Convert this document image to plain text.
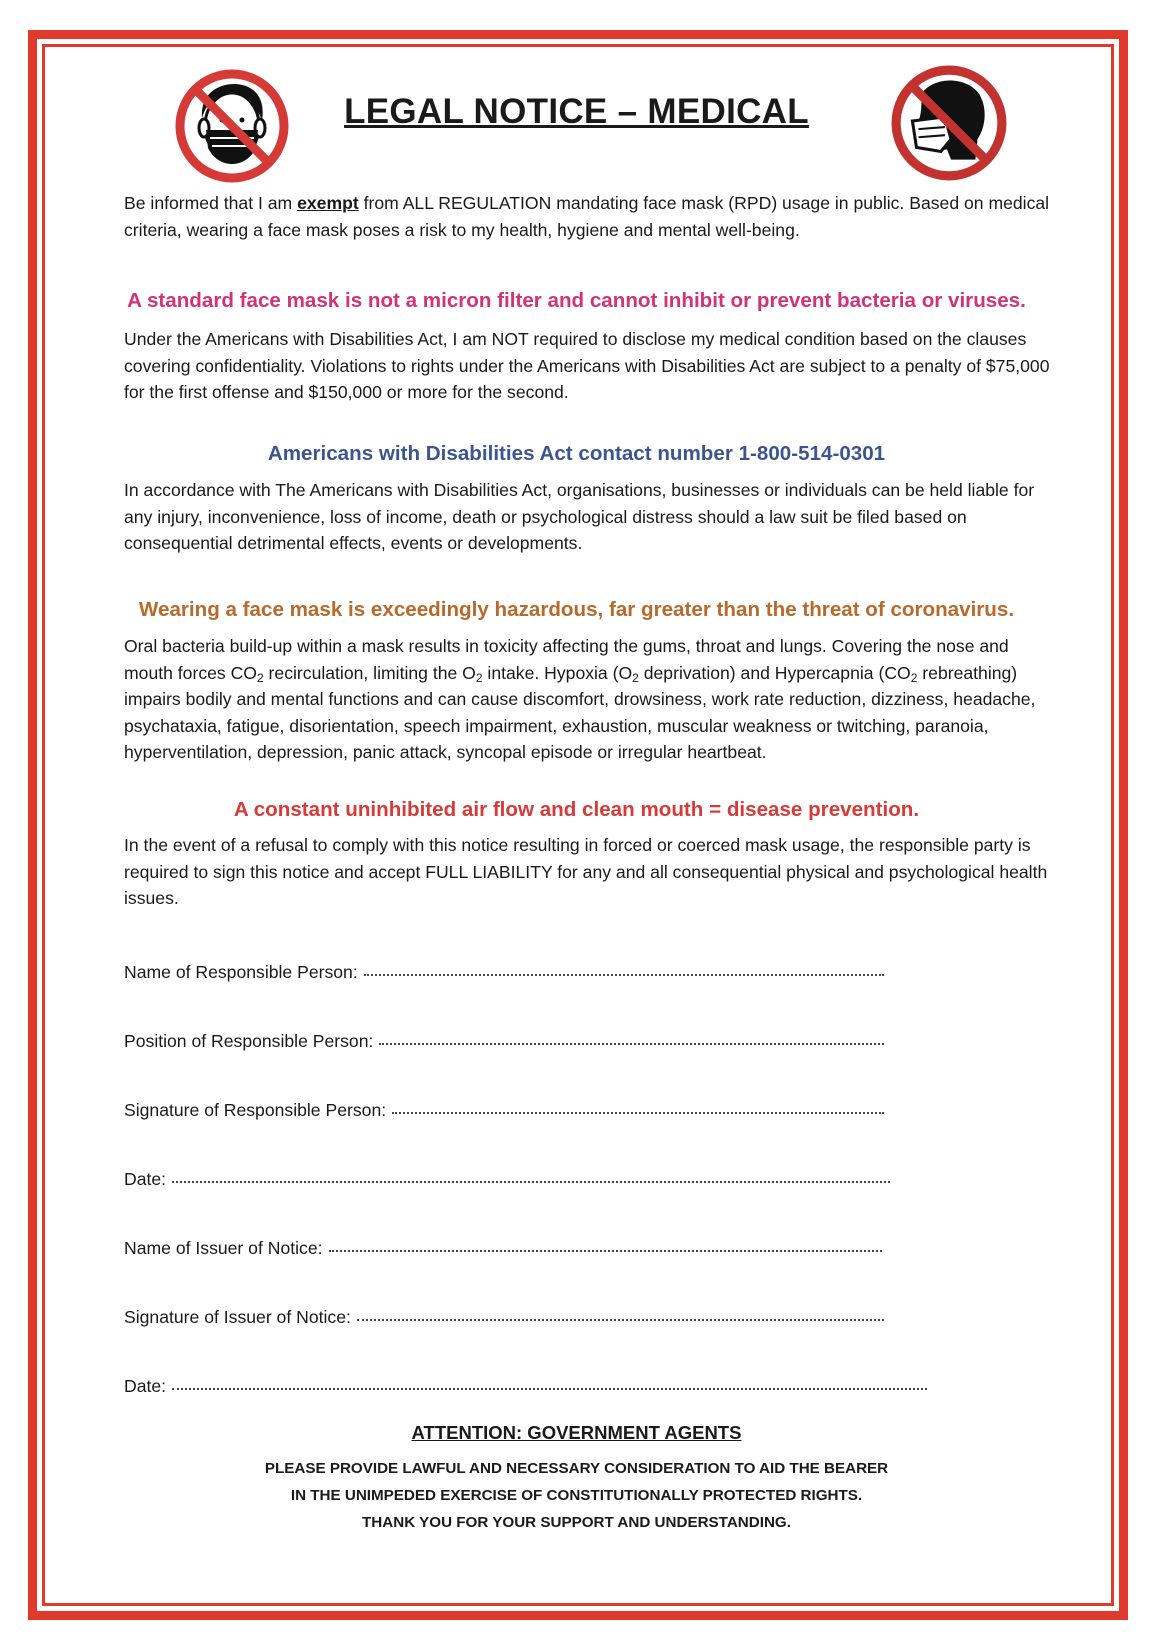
LEGAL NOTICE – MEDICAL

Be informed that I am exempt from ALL REGULATION mandating face mask (RPD) usage in public. Based on medical criteria, wearing a face mask poses a risk to my health, hygiene and mental well-being.

A standard face mask is not a micron filter and cannot inhibit or prevent bacteria or viruses.

Under the Americans with Disabilities Act, I am NOT required to disclose my medical condition based on the clauses covering confidentiality. Violations to rights under the Americans with Disabilities Act are subject to a penalty of $75,000 for the first offense and $150,000 or more for the second.

Americans with Disabilities Act contact number 1-800-514-0301

In accordance with The Americans with Disabilities Act, organisations, businesses or individuals can be held liable for any injury, inconvenience, loss of income, death or psychological distress should a law suit be filed based on consequential detrimental effects, events or developments.

Wearing a face mask is exceedingly hazardous, far greater than the threat of coronavirus.

Oral bacteria build-up within a mask results in toxicity affecting the gums, throat and lungs. Covering the nose and mouth forces $CO_2$ recirculation, limiting the $O_2$ intake. Hypoxia ($O_2$ deprivation) and Hypercapnia ($CO_2$ rebreathing) impairs bodily and mental functions and can cause discomfort, drowsiness, work rate reduction, dizziness, headache, psychataxia, fatigue, disorientation, speech impairment, exhaustion, muscular weakness or twitching, paranoia, hyperventilation, depression, panic attack, syncopal episode or irregular heartbeat.

A constant uninhibited air flow and clean mouth = disease prevention.

In the event of a refusal to comply with this notice resulting in forced or coerced mask usage, the responsible party is required to sign this notice and accept FULL LIABILITY for any and all consequential physical and psychological health issues.

Name of Responsible Person:
Position of Responsible Person:
Signature of Responsible Person:
Date:
Name of Issuer of Notice:
Signature of Issuer of Notice:
Date:
ATTENTION: GOVERNMENT AGENTS
PLEASE PROVIDE LAWFUL AND NECESSARY CONSIDERATION TO AID THE BEARER
IN THE UNIMPEDED EXERCISE OF CONSTITUTIONALLY PROTECTED RIGHTS.
THANK YOU FOR YOUR SUPPORT AND UNDERSTANDING.
